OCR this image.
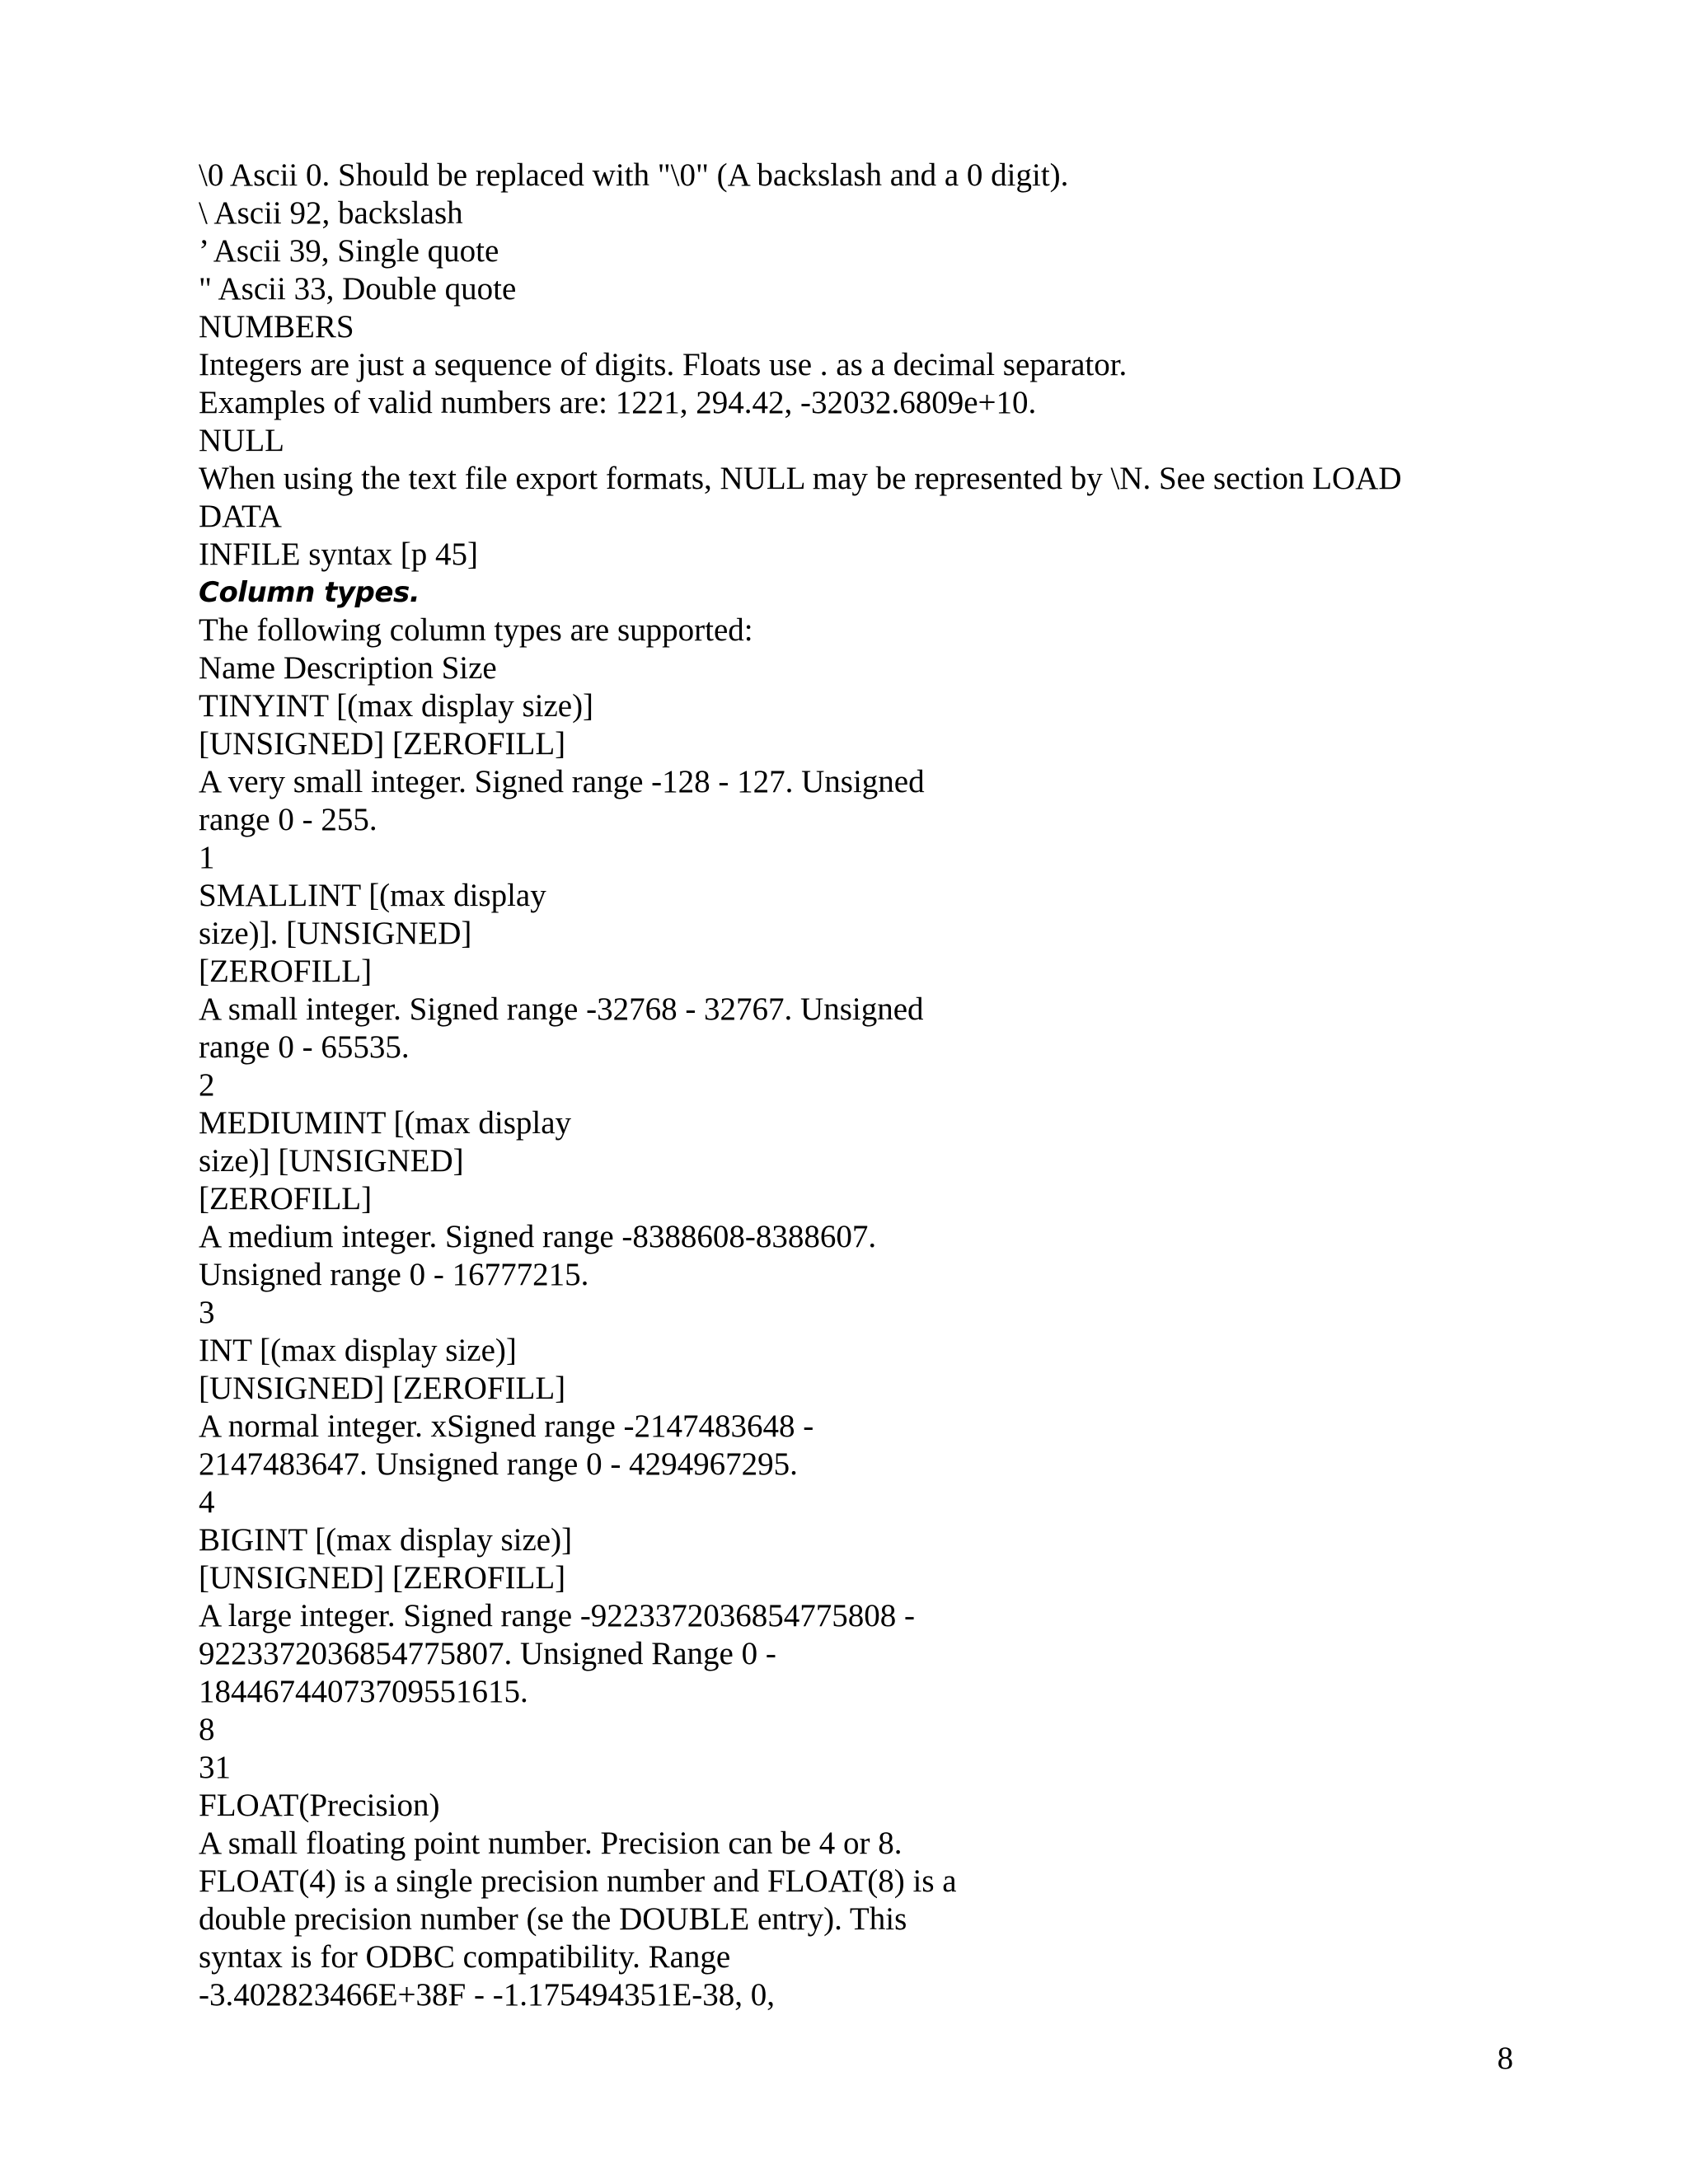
\0 Ascii 0. Should be replaced with "\0" (A backslash and a 0 digit).
\ Ascii 92, backslash
’ Ascii 39, Single quote
" Ascii 33, Double quote
NUMBERS
Integers are just a sequence of digits. Floats use . as a decimal separator.
Examples of valid numbers are: 1221, 294.42, -32032.6809e+10.
NULL
When using the text file export formats, NULL may be represented by \N. See section LOAD
DATA
INFILE syntax [p 45]
Column types.
The following column types are supported:
Name Description Size
TINYINT [(max display size)]
[UNSIGNED] [ZEROFILL]
A very small integer. Signed range -128 - 127. Unsigned
range 0 - 255.
1
SMALLINT [(max display
size)]. [UNSIGNED]
[ZEROFILL]
A small integer. Signed range -32768 - 32767. Unsigned
range 0 - 65535.
2
MEDIUMINT [(max display
size)] [UNSIGNED]
[ZEROFILL]
A medium integer. Signed range -8388608-8388607.
Unsigned range 0 - 16777215.
3
INT [(max display size)]
[UNSIGNED] [ZEROFILL]
A normal integer. xSigned range -2147483648 -
2147483647. Unsigned range 0 - 4294967295.
4
BIGINT [(max display size)]
[UNSIGNED] [ZEROFILL]
A large integer. Signed range -9223372036854775808 -
9223372036854775807. Unsigned Range 0 -
18446744073709551615.
8
31
FLOAT(Precision)
A small floating point number. Precision can be 4 or 8.
FLOAT(4) is a single precision number and FLOAT(8) is a
double precision number (se the DOUBLE entry). This
syntax is for ODBC compatibility. Range
-3.402823466E+38F - -1.175494351E-38, 0,
8
